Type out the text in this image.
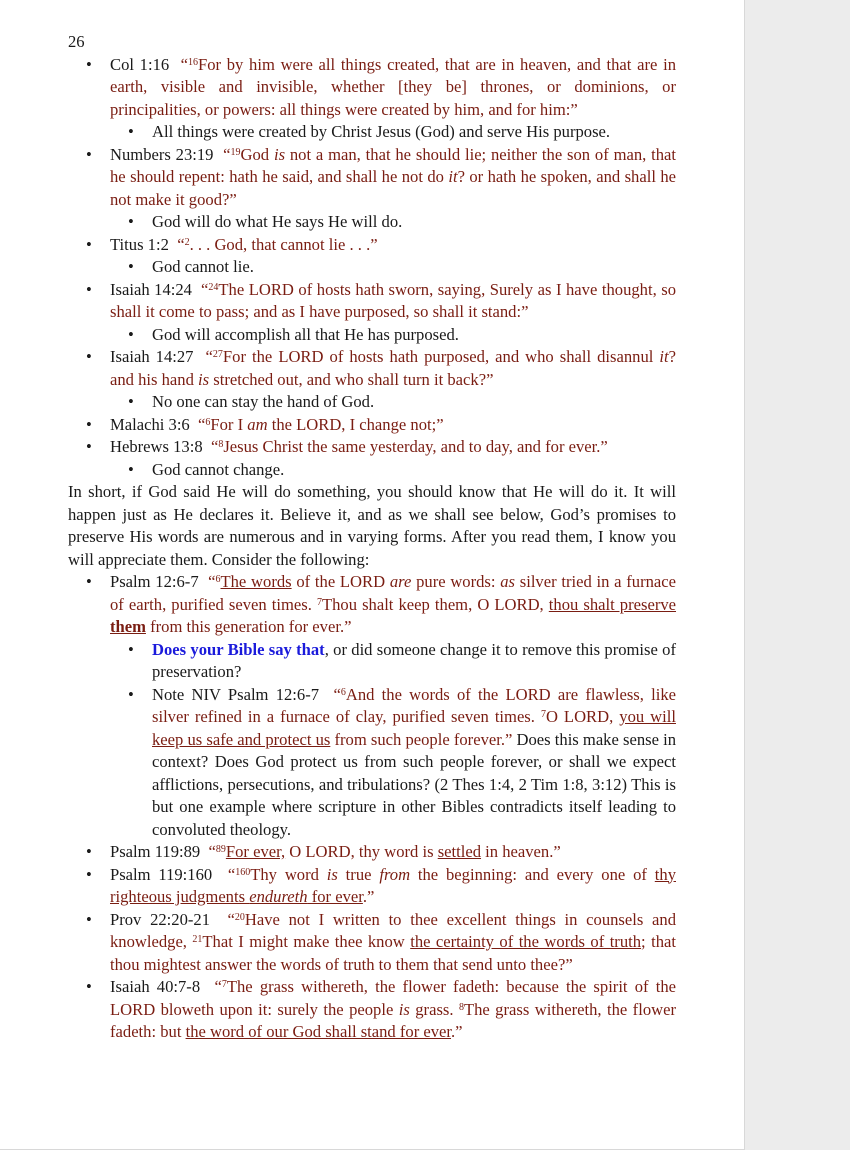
26
• Col 1:16 “$^{16}$For by him were all things created, that are in heaven, and that are in earth, visible and invisible, whether [they be] thrones, or dominions, or principalities, or powers: all things were created by him, and for him:”
• All things were created by Christ Jesus (God) and serve His purpose.
• Numbers 23:19 “$^{19}$God is not a man, that he should lie; neither the son of man, that he should repent: hath he said, and shall he not do it? or hath he spoken, and shall he not make it good?”
• God will do what He says He will do.
• Titus 1:2 “$^2$. . . God, that cannot lie . . .”
• God cannot lie.
• Isaiah 14:24 “$^{24}$The LORD of hosts hath sworn, saying, Surely as I have thought, so shall it come to pass; and as I have purposed, so shall it stand:”
• God will accomplish all that He has purposed.
• Isaiah 14:27 “$^{27}$For the LORD of hosts hath purposed, and who shall disannul it? and his hand is stretched out, and who shall turn it back?”
• No one can stay the hand of God.
• Malachi 3:6 “$^6$For I am the LORD, I change not;”
• Hebrews 13:8 “$^8$Jesus Christ the same yesterday, and to day, and for ever.”
• God cannot change.
In short, if God said He will do something, you should know that He will do it. It will happen just as He declares it. Believe it, and as we shall see below, God’s promises to preserve His words are numerous and in varying forms. After you read them, I know you will appreciate them. Consider the following:
• Psalm 12:6-7 “$^6$The words of the LORD are pure words: as silver tried in a furnace of earth, purified seven times. $^7$Thou shalt keep them, O LORD, thou shalt preserve them from this generation for ever.”
• Does your Bible say that, or did someone change it to remove this promise of preservation?
• Note NIV Psalm 12:6-7 “$^6$And the words of the LORD are flawless, like silver refined in a furnace of clay, purified seven times. $^7$O LORD, you will keep us safe and protect us from such people forever.” Does this make sense in context? Does God protect us from such people forever, or shall we expect afflictions, persecutions, and tribulations? (2 Thes 1:4, 2 Tim 1:8, 3:12) This is but one example where scripture in other Bibles contradicts itself leading to convoluted theology.
• Psalm 119:89 “$^{89}$For ever, O LORD, thy word is settled in heaven.”
• Psalm 119:160 “$^{160}$Thy word is true from the beginning: and every one of thy righteous judgments endureth for ever.”
• Prov 22:20-21 “$^{20}$Have not I written to thee excellent things in counsels and knowledge, $^{21}$That I might make thee know the certainty of the words of truth; that thou mightest answer the words of truth to them that send unto thee?”
• Isaiah 40:7-8 “$^7$The grass withereth, the flower fadeth: because the spirit of the LORD bloweth upon it: surely the people is grass. $^8$The grass withereth, the flower fadeth: but the word of our God shall stand for ever.”
